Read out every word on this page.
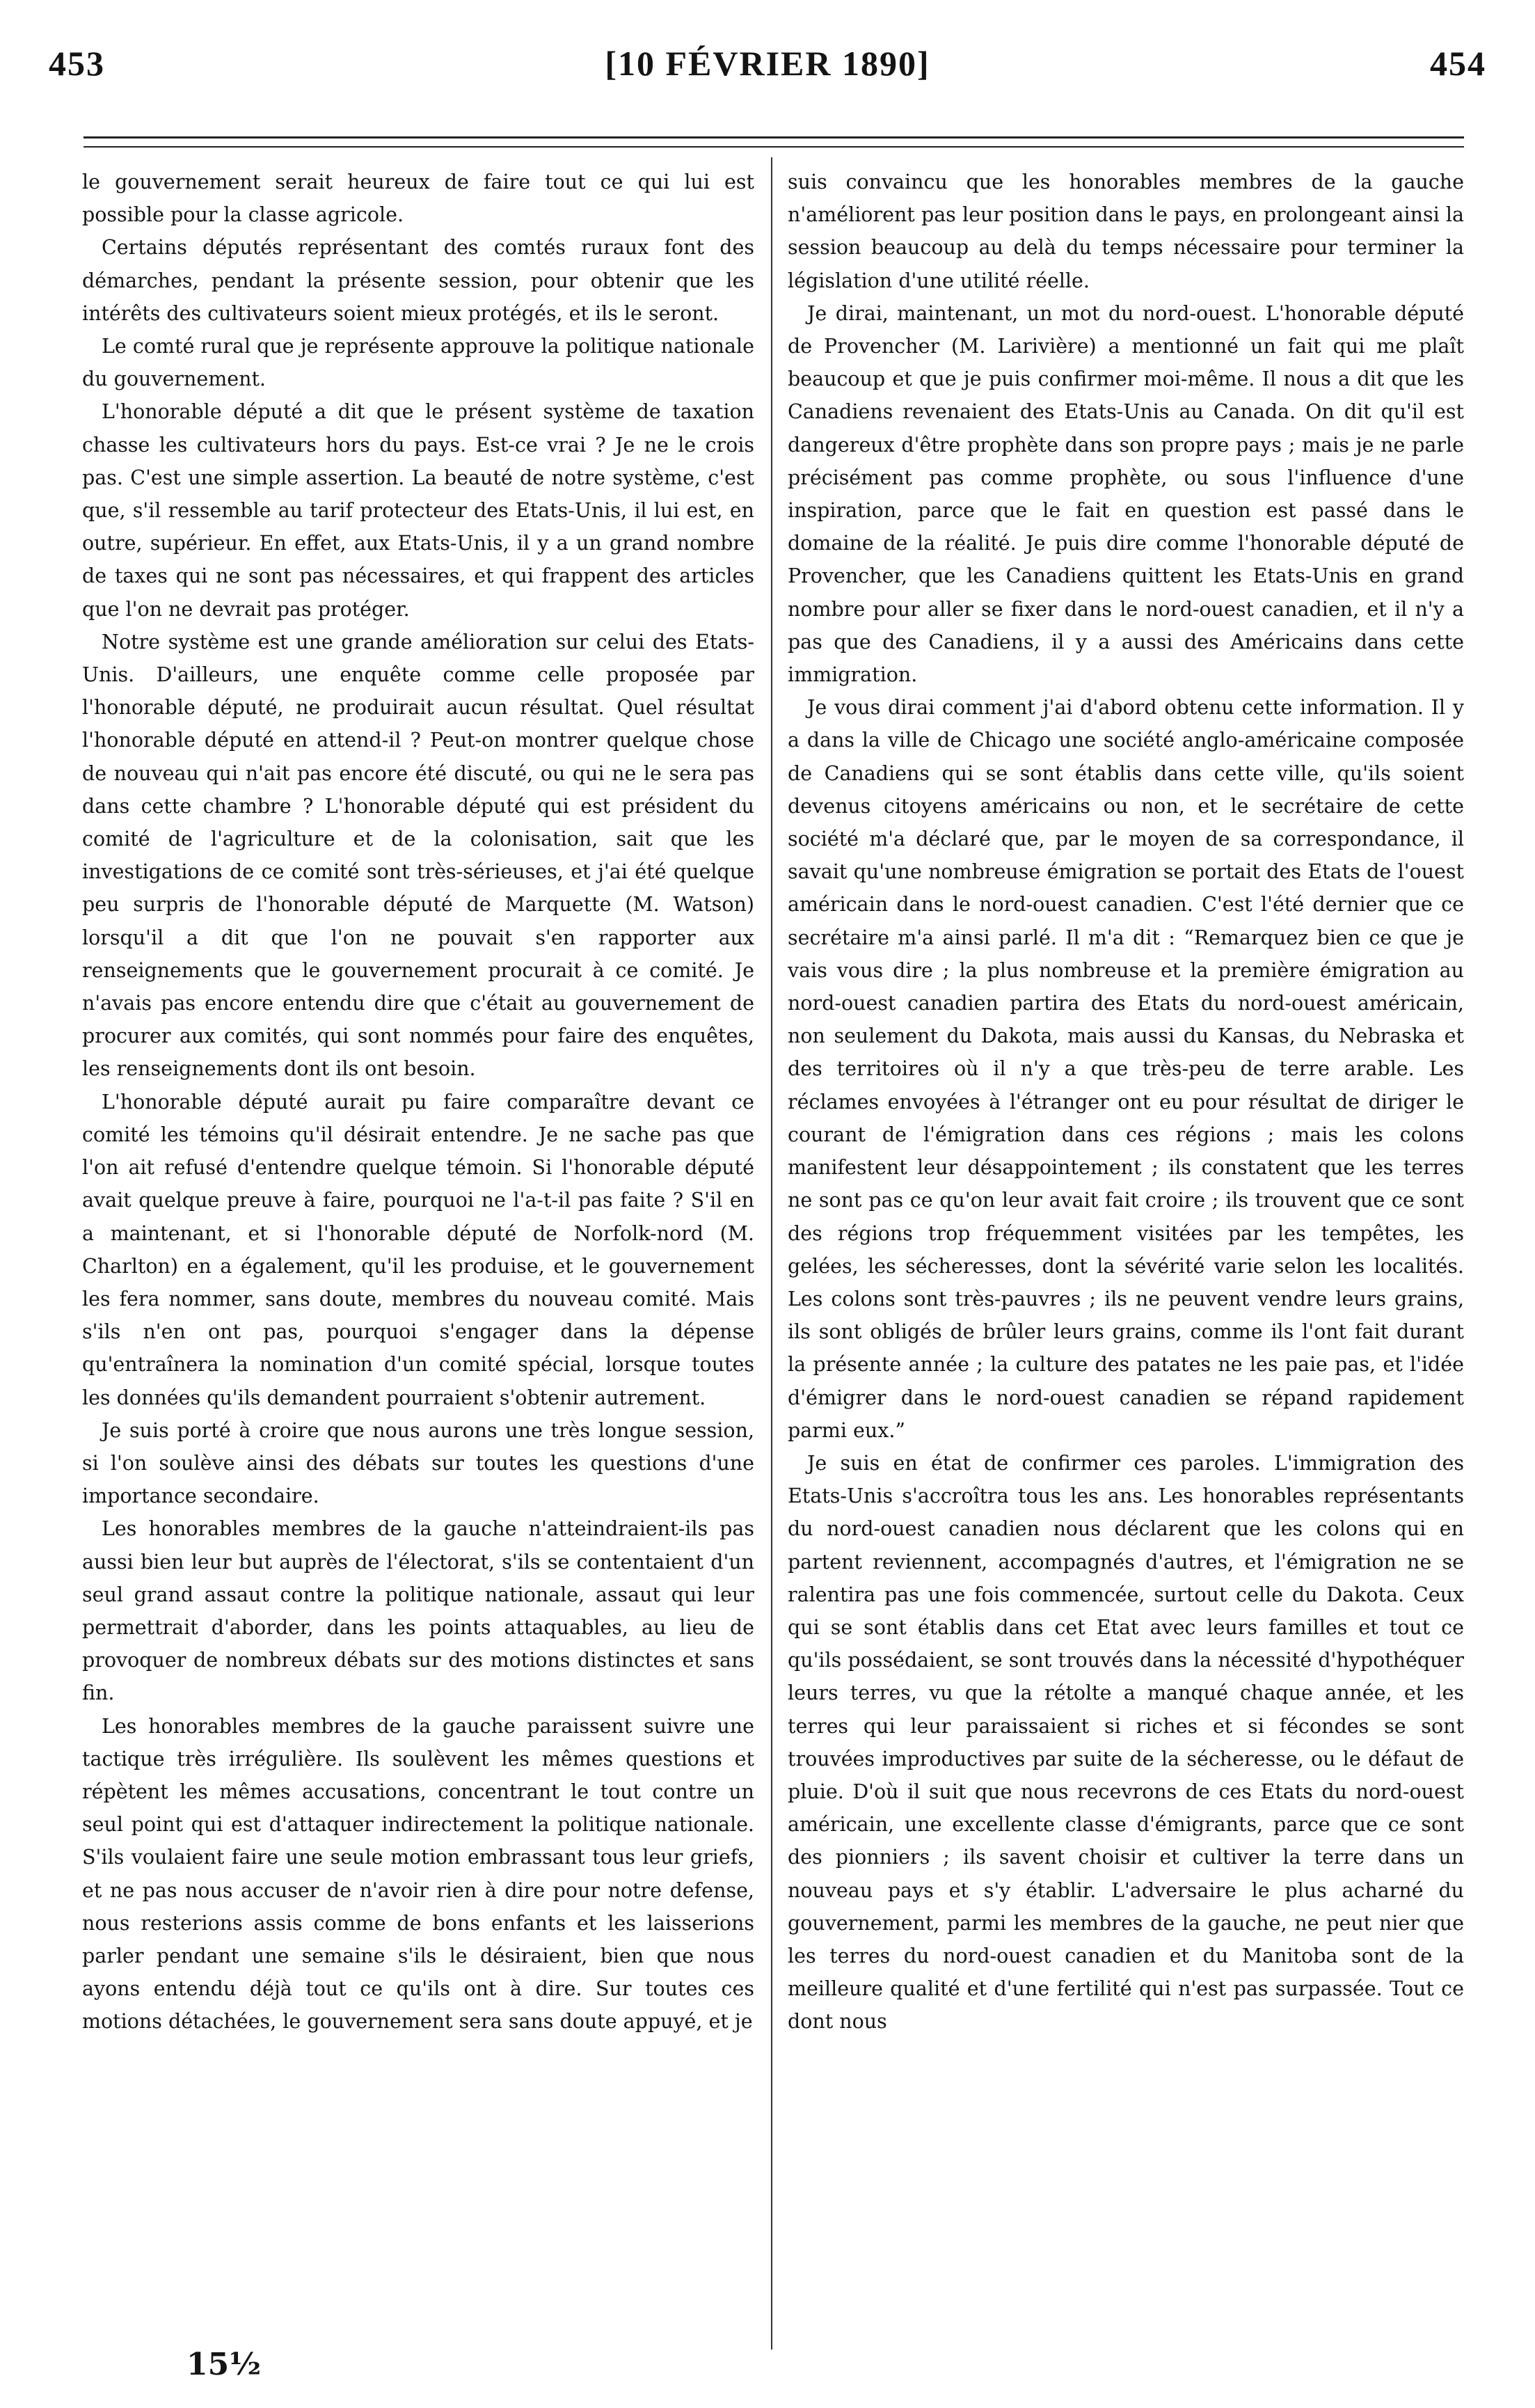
453	[10 FÉVRIER 1890]	454

le gouvernement serait heureux de faire tout ce qui lui est possible pour la classe agricole.

Certains députés représentant des comtés ruraux font des démarches, pendant la présente session, pour obtenir que les intérêts des cultivateurs soient mieux protégés, et ils le seront.

Le comté rural que je représente approuve la politique nationale du gouvernement.

L'honorable député a dit que le présent système de taxation chasse les cultivateurs hors du pays. Est-ce vrai ? Je ne le crois pas. C'est une simple assertion. La beauté de notre système, c'est que, s'il ressemble au tarif protecteur des Etats-Unis, il lui est, en outre, supérieur. En effet, aux Etats-Unis, il y a un grand nombre de taxes qui ne sont pas nécessaires, et qui frappent des articles que l'on ne devrait pas protéger.

Notre système est une grande amélioration sur celui des Etats-Unis. D'ailleurs, une enquête comme celle proposée par l'honorable député, ne produirait aucun résultat. Quel résultat l'honorable député en attend-il ? Peut-on montrer quelque chose de nouveau qui n'ait pas encore été discuté, ou qui ne le sera pas dans cette chambre ? L'honorable député qui est président du comité de l'agriculture et de la colonisation, sait que les investigations de ce comité sont très-sérieuses, et j'ai été quelque peu surpris de l'honorable député de Marquette (M. Watson) lorsqu'il a dit que l'on ne pouvait s'en rapporter aux renseignements que le gouvernement procurait à ce comité. Je n'avais pas encore entendu dire que c'était au gouvernement de procurer aux comités, qui sont nommés pour faire des enquêtes, les renseignements dont ils ont besoin.

L'honorable député aurait pu faire comparaître devant ce comité les témoins qu'il désirait entendre. Je ne sache pas que l'on ait refusé d'entendre quelque témoin. Si l'honorable député avait quelque preuve à faire, pourquoi ne l'a-t-il pas faite ? S'il en a maintenant, et si l'honorable député de Norfolk-nord (M. Charlton) en a également, qu'il les produise, et le gouvernement les fera nommer, sans doute, membres du nouveau comité. Mais s'ils n'en ont pas, pourquoi s'engager dans la dépense qu'entraînera la nomination d'un comité spécial, lorsque toutes les données qu'ils demandent pourraient s'obtenir autrement.

Je suis porté à croire que nous aurons une très longue session, si l'on soulève ainsi des débats sur toutes les questions d'une importance secondaire.

Les honorables membres de la gauche n'atteindraient-ils pas aussi bien leur but auprès de l'électorat, s'ils se contentaient d'un seul grand assaut contre la politique nationale, assaut qui leur permettrait d'aborder, dans les points attaquables, au lieu de provoquer de nombreux débats sur des motions distinctes et sans fin.

Les honorables membres de la gauche paraissent suivre une tactique très irrégulière. Ils soulèvent les mêmes questions et répètent les mêmes accusations, concentrant le tout contre un seul point qui est d'attaquer indirectement la politique nationale. S'ils voulaient faire une seule motion embrassant tous leur griefs, et ne pas nous accuser de n'avoir rien à dire pour notre defense, nous resterions assis comme de bons enfants et les laisserions parler pendant une semaine s'ils le désiraient, bien que nous ayons entendu déjà tout ce qu'ils ont à dire. Sur toutes ces motions détachées, le gouvernement sera sans doute appuyé, et je

suis convaincu que les honorables membres de la gauche n'améliorent pas leur position dans le pays, en prolongeant ainsi la session beaucoup au delà du temps nécessaire pour terminer la législation d'une utilité réelle.

Je dirai, maintenant, un mot du nord-ouest. L'honorable député de Provencher (M. Larivière) a mentionné un fait qui me plaît beaucoup et que je puis confirmer moi-même. Il nous a dit que les Canadiens revenaient des Etats-Unis au Canada. On dit qu'il est dangereux d'être prophète dans son propre pays ; mais je ne parle précisément pas comme prophète, ou sous l'influence d'une inspiration, parce que le fait en question est passé dans le domaine de la réalité. Je puis dire comme l'honorable député de Provencher, que les Canadiens quittent les Etats-Unis en grand nombre pour aller se fixer dans le nord-ouest canadien, et il n'y a pas que des Canadiens, il y a aussi des Américains dans cette immigration.

Je vous dirai comment j'ai d'abord obtenu cette information. Il y a dans la ville de Chicago une société anglo-américaine composée de Canadiens qui se sont établis dans cette ville, qu'ils soient devenus citoyens américains ou non, et le secrétaire de cette société m'a déclaré que, par le moyen de sa correspondance, il savait qu'une nombreuse émigration se portait des Etats de l'ouest américain dans le nord-ouest canadien. C'est l'été dernier que ce secrétaire m'a ainsi parlé. Il m'a dit : “Remarquez bien ce que je vais vous dire ; la plus nombreuse et la première émigration au nord-ouest canadien partira des Etats du nord-ouest américain, non seulement du Dakota, mais aussi du Kansas, du Nebraska et des territoires où il n'y a que très-peu de terre arable. Les réclames envoyées à l'étranger ont eu pour résultat de diriger le courant de l'émigration dans ces régions ; mais les colons manifestent leur désappointement ; ils constatent que les terres ne sont pas ce qu'on leur avait fait croire ; ils trouvent que ce sont des régions trop fréquemment visitées par les tempêtes, les gelées, les sécheresses, dont la sévérité varie selon les localités. Les colons sont très-pauvres ; ils ne peuvent vendre leurs grains, ils sont obligés de brûler leurs grains, comme ils l'ont fait durant la présente année ; la culture des patates ne les paie pas, et l'idée d'émigrer dans le nord-ouest canadien se répand rapidement parmi eux.”

Je suis en état de confirmer ces paroles. L'immigration des Etats-Unis s'accroîtra tous les ans. Les honorables représentants du nord-ouest canadien nous déclarent que les colons qui en partent reviennent, accompagnés d'autres, et l'émigration ne se ralentira pas une fois commencée, surtout celle du Dakota. Ceux qui se sont établis dans cet Etat avec leurs familles et tout ce qu'ils possédaient, se sont trouvés dans la nécessité d'hypothéquer leurs terres, vu que la rétolte a manqué chaque année, et les terres qui leur paraissaient si riches et si fécondes se sont trouvées improductives par suite de la sécheresse, ou le défaut de pluie. D'où il suit que nous recevrons de ces Etats du nord-ouest américain, une excellente classe d'émigrants, parce que ce sont des pionniers ; ils savent choisir et cultiver la terre dans un nouveau pays et s'y établir. L'adversaire le plus acharné du gouvernement, parmi les membres de la gauche, ne peut nier que les terres du nord-ouest canadien et du Manitoba sont de la meilleure qualité et d'une fertilité qui n'est pas surpassée. Tout ce dont nous

15½
